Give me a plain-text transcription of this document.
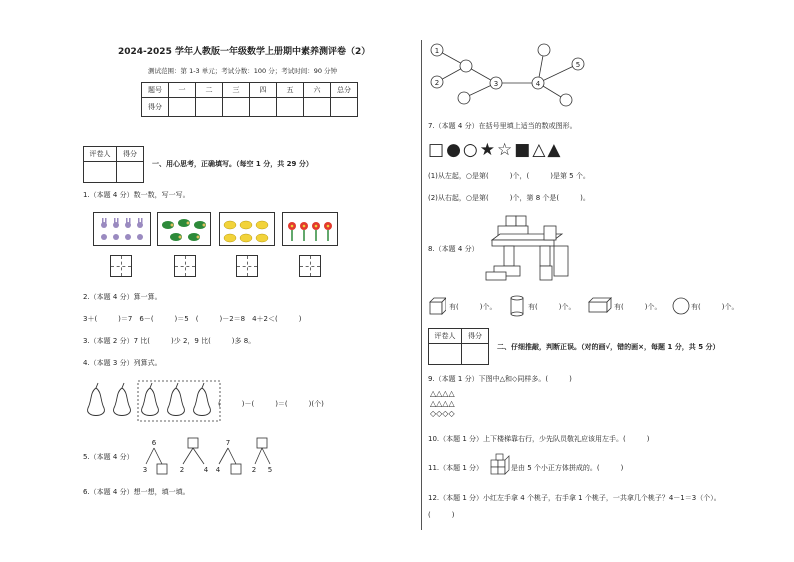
2024-2025 学年人教版一年级数学上册期中素养测评卷（2）
测试范围：第 1-3 单元；考试分数：100 分；考试时间：90 分钟
题号	一	二	三	四	五	六	总分
得分							
评卷人	得分

一、用心思考，正确填写。（每空 1 分，共 29 分）
1.（本题 4 分）数一数，写一写。
2.（本题 4 分）算一算。
3＋(　　　)＝7　6－(　　　)＝5　(　　　)－2＝8　4＋2＜(　　　)
3.（本题 2 分）7 比(　　　)少 2，9 比(　　　)多 8。
4.（本题 3 分）列算式。
(　　　)－(　　　)＝(　　　)(个)
5.（本题 4 分）
6
3	2	4
7
4	2 5
6.（本题 4 分）想一想，填一填。
1
2	3	4
5
7.（本题 4 分）在括号里填上适当的数或图形。
□●○★☆■△▲
(1)从左起，○是第(　　　)个，(　　　)是第 5 个。
(2)从右起，○是第(　　　)个，第 8 个是(　　　)。
8.（本题 4 分）
有(　　　)个。	有(　　　)个。	有(　　　)个。	有(　　　)个。
评卷人	得分

二、仔细推敲，判断正误。（对的画√，错的画×，每题 1 分，共 5 分）
9.（本题 1 分）下图中△和◇同样多。(　　　)
△△△△
△△△△
◇◇◇◇
10.（本题 1 分）上下楼梯靠右行，少先队员敬礼应该用左手。(　　　)
11.（本题 1 分）	是由 5 个小正方体拼成的。(　　　)
12.（本题 1 分）小红左手拿 4 个桃子，右手拿 1 个桃子，一共拿几个桃子？4－1＝3（个）。
(　　　)
